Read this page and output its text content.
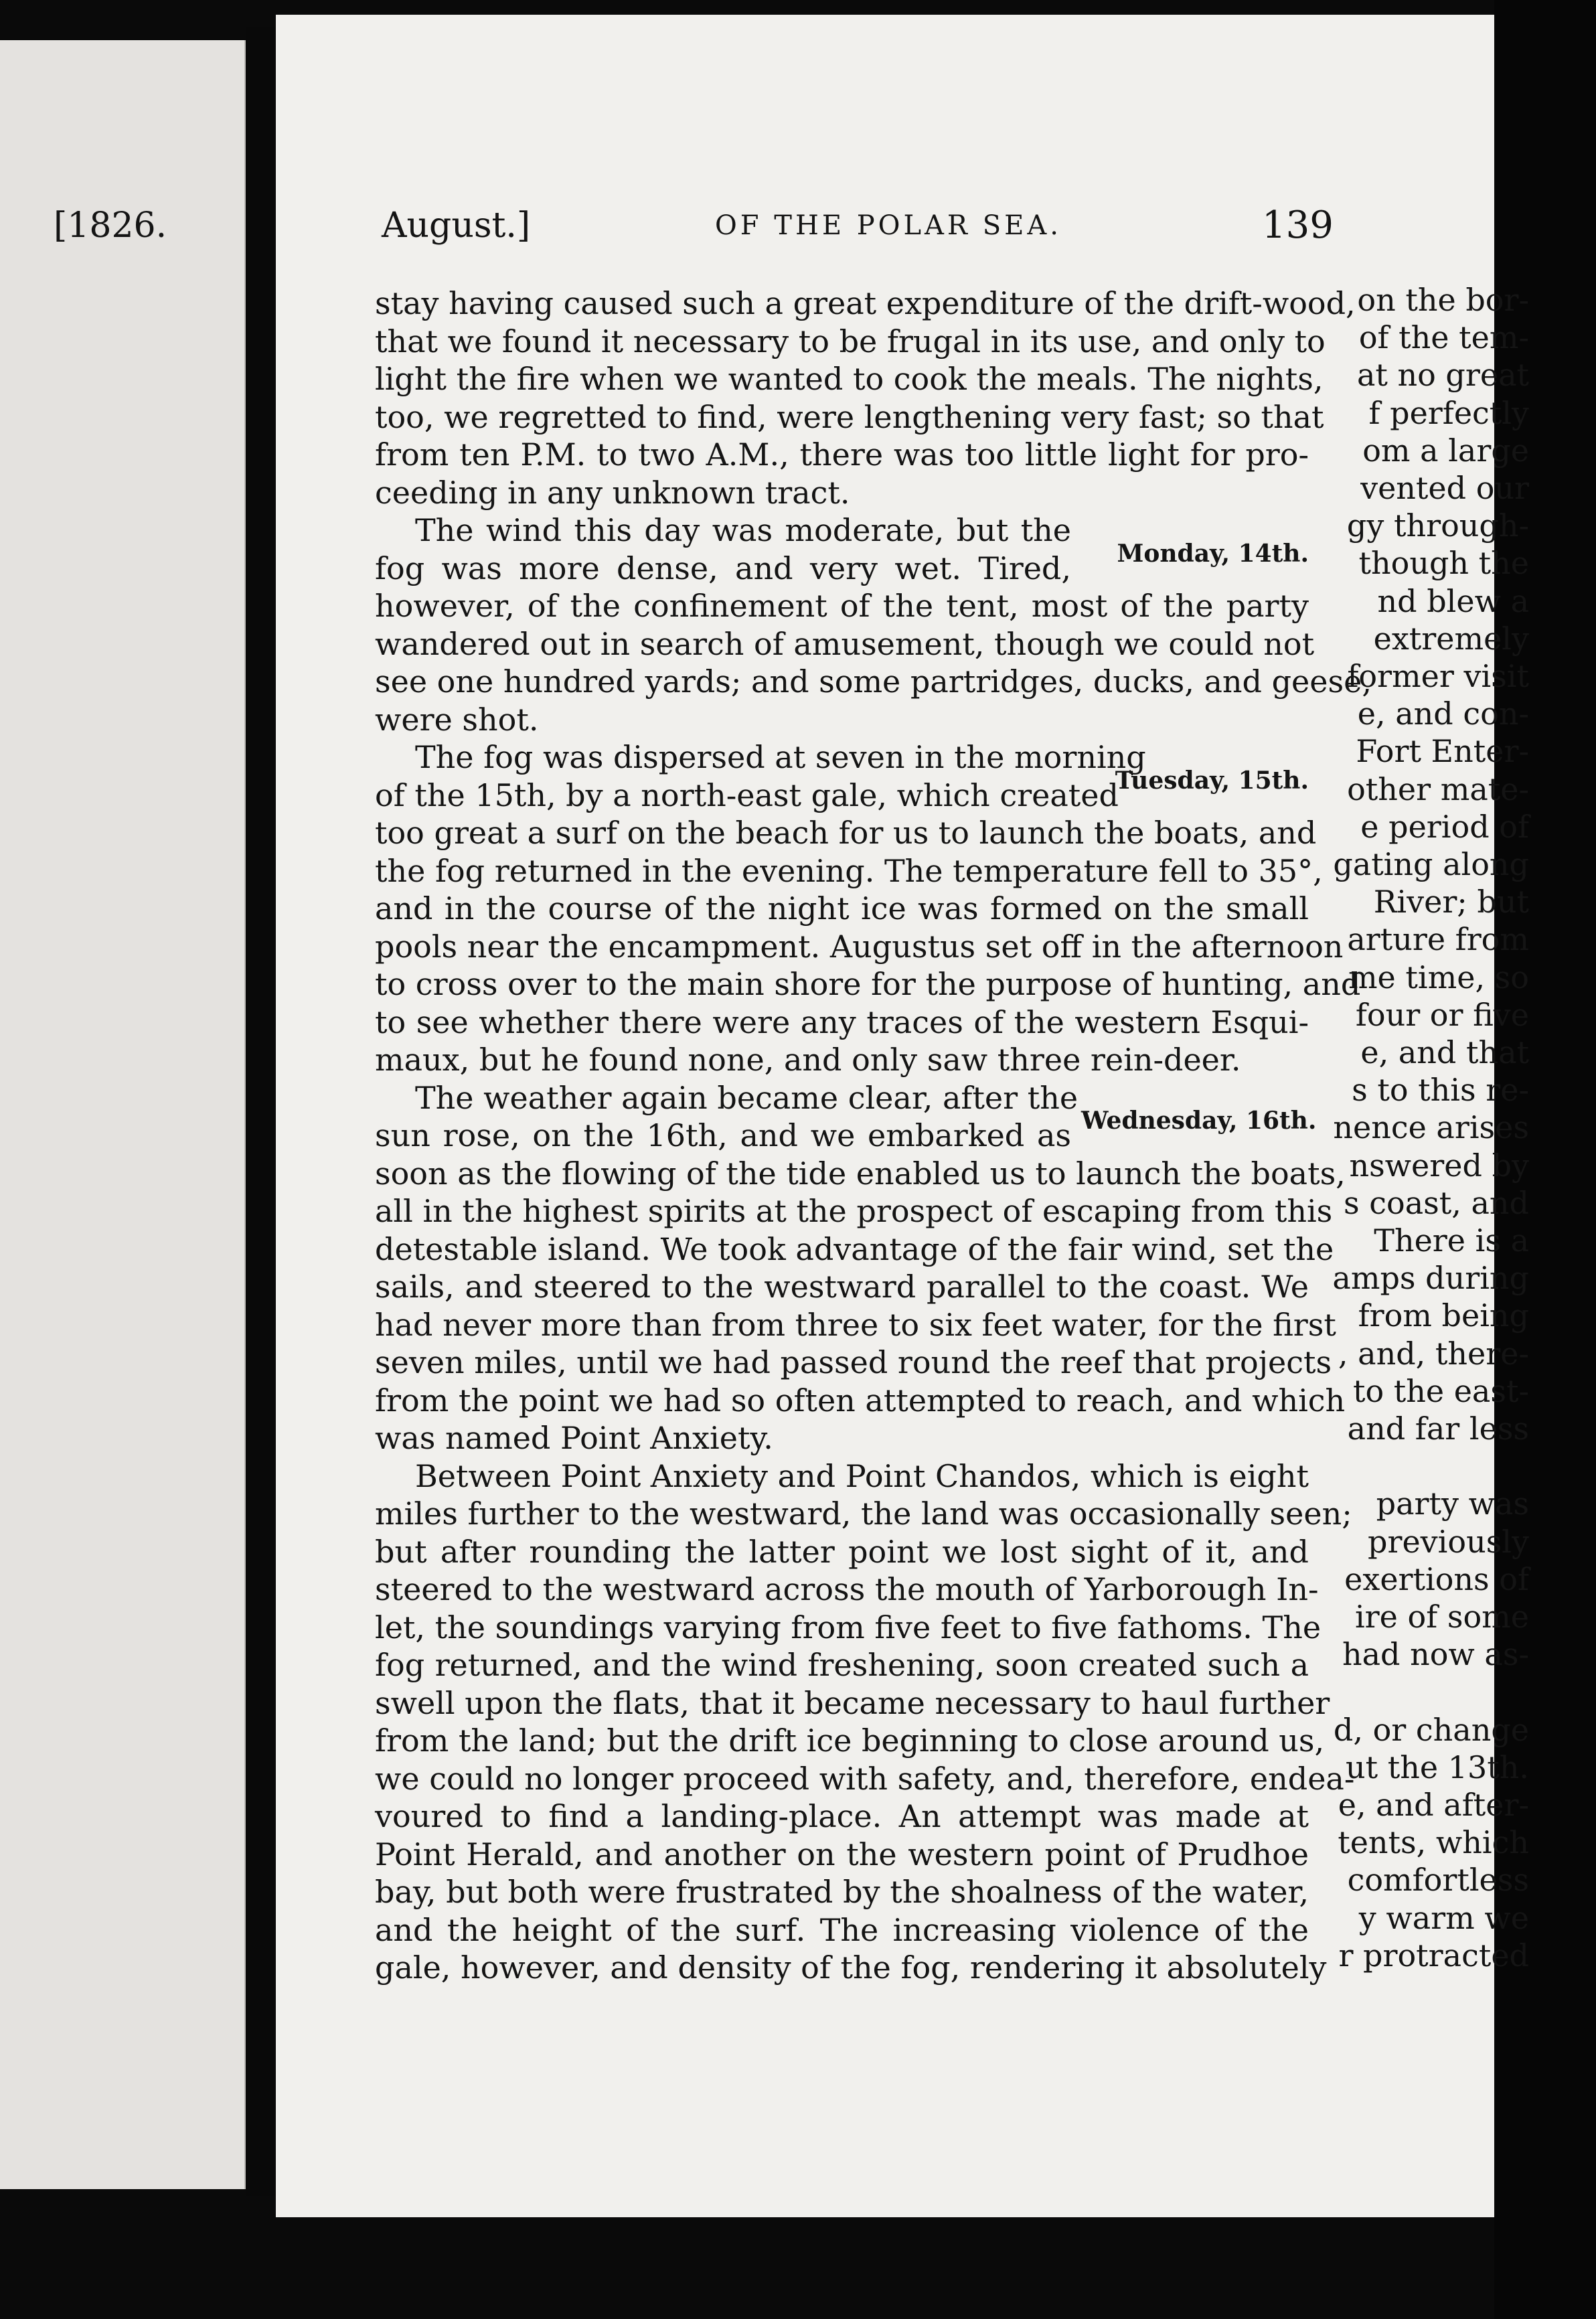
[1826.	August.]	OF THE POLAR SEA.	139
on the bor-
of the tem-
at no great
f perfectly
om a large
vented our
gy through-
though the
nd blew a
extremely
former visit
e, and con-
Fort Enter-
other mate-
e period of
gating along
River; but
arture from
me time, so
four or five
e, and that
s to this re-
nence arises
nswered by
s coast, and
There is a
amps during
from being
, and, there-
to the east-
and far less
party was
previously
exertions of
ire of some
had now as-
d, or change
ut the 13th.
e, and after-
tents, which
comfortless
y warm we
r protracted
stay having caused such a great expenditure of the drift-wood,
that we found it necessary to be frugal in its use, and only to
light the fire when we wanted to cook the meals. The nights,
too, we regretted to find, were lengthening very fast; so that
from ten P.M. to two A.M., there was too little light for pro-
ceeding in any unknown tract.
The wind this day was moderate, but the
fog was more dense, and very wet. Tired,
however, of the confinement of the tent, most of the party
wandered out in search of amusement, though we could not
see one hundred yards; and some partridges, ducks, and geese,
were shot.
The fog was dispersed at seven in the morning
of the 15th, by a north-east gale, which created
too great a surf on the beach for us to launch the boats, and
the fog returned in the evening. The temperature fell to 35°,
and in the course of the night ice was formed on the small
pools near the encampment. Augustus set off in the afternoon
to cross over to the main shore for the purpose of hunting, and
to see whether there were any traces of the western Esqui-
maux, but he found none, and only saw three rein-deer.
The weather again became clear, after the
sun rose, on the 16th, and we embarked as
soon as the flowing of the tide enabled us to launch the boats,
all in the highest spirits at the prospect of escaping from this
detestable island. We took advantage of the fair wind, set the
sails, and steered to the westward parallel to the coast. We
had never more than from three to six feet water, for the first
seven miles, until we had passed round the reef that projects
from the point we had so often attempted to reach, and which
was named Point Anxiety.
Between Point Anxiety and Point Chandos, which is eight
miles further to the westward, the land was occasionally seen;
but after rounding the latter point we lost sight of it, and
steered to the westward across the mouth of Yarborough In-
let, the soundings varying from five feet to five fathoms. The
fog returned, and the wind freshening, soon created such a
swell upon the flats, that it became necessary to haul further
from the land; but the drift ice beginning to close around us,
we could no longer proceed with safety, and, therefore, endea-
voured to find a landing-place. An attempt was made at
Point Herald, and another on the western point of Prudhoe
bay, but both were frustrated by the shoalness of the water,
and the height of the surf. The increasing violence of the
gale, however, and density of the fog, rendering it absolutely
Monday, 14th.
Tuesday, 15th.
Wednesday, 16th.
